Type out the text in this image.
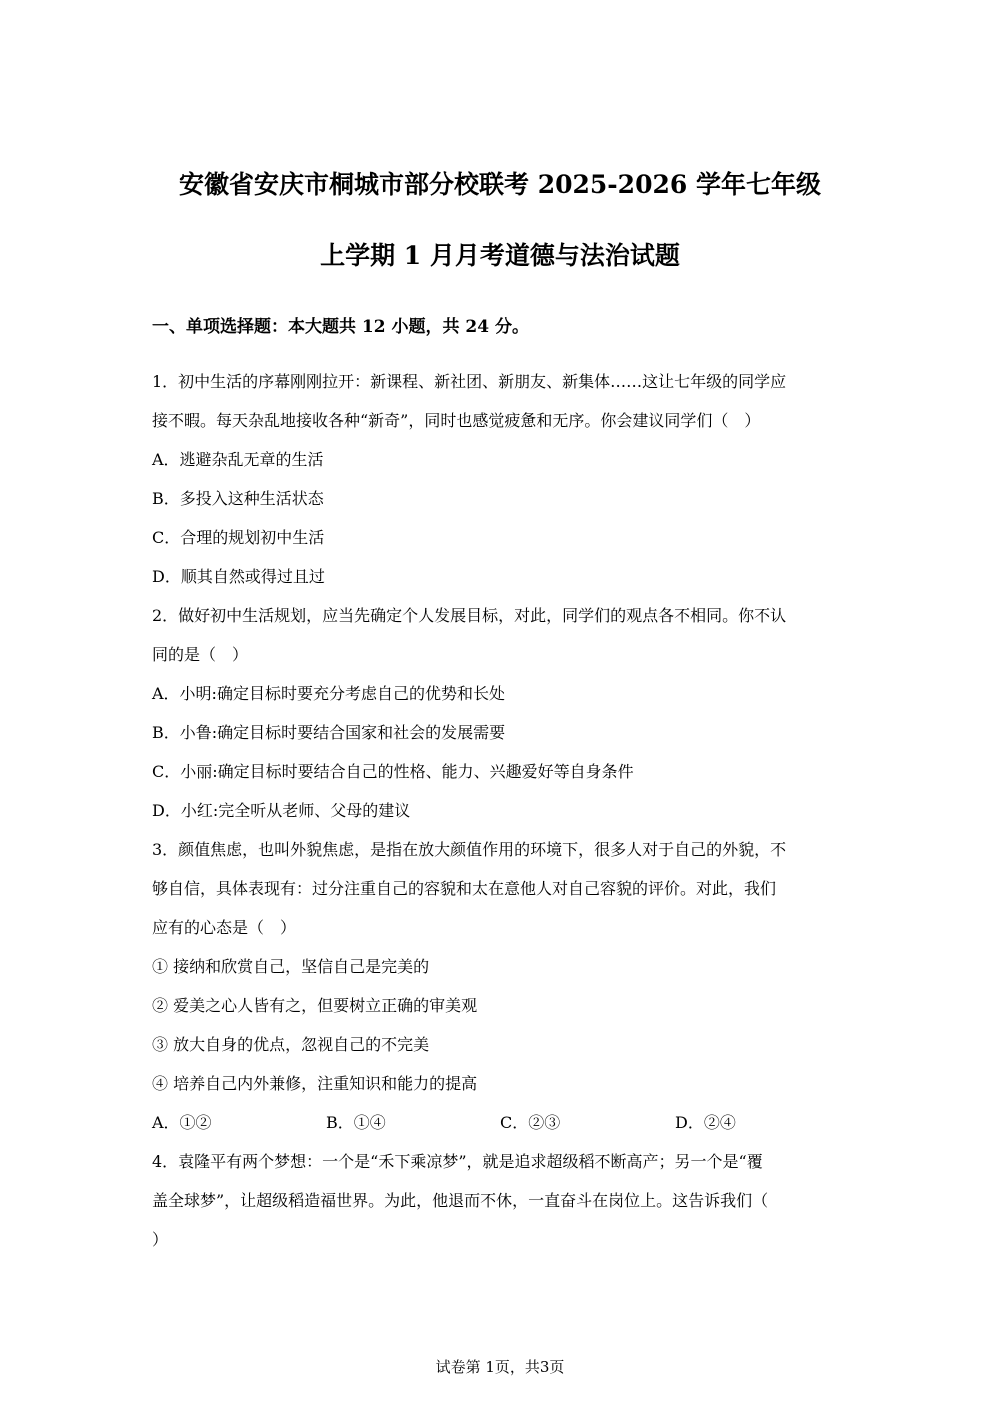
安徽省安庆市桐城市部分校联考 2025-2026 学年七年级
上学期 1 月月考道德与法治试题
一、单项选择题：本大题共 12 小题，共 24 分。
1．初中生活的序幕刚刚拉开：新课程、新社团、新朋友、新集体……这让七年级的同学应
接不暇。每天杂乱地接收各种“新奇”，同时也感觉疲惫和无序。你会建议同学们（　）
A．逃避杂乱无章的生活
B．多投入这种生活状态
C．合理的规划初中生活
D．顺其自然或得过且过
2．做好初中生活规划，应当先确定个人发展目标，对此，同学们的观点各不相同。你不认
同的是（　）
A．小明:确定目标时要充分考虑自己的优势和长处
B．小鲁:确定目标时要结合国家和社会的发展需要
C．小丽:确定目标时要结合自己的性格、能力、兴趣爱好等自身条件
D．小红:完全听从老师、父母的建议
3．颜值焦虑，也叫外貌焦虑，是指在放大颜值作用的环境下，很多人对于自己的外貌，不
够自信，具体表现有：过分注重自己的容貌和太在意他人对自己容貌的评价。对此，我们
应有的心态是（　）
① 接纳和欣赏自己，坚信自己是完美的
② 爱美之心人皆有之，但要树立正确的审美观
③ 放大自身的优点，忽视自己的不完美
④ 培养自己内外兼修，注重知识和能力的提高
A．①②	B．①④	C．②③	D．②④
4．袁隆平有两个梦想：一个是“禾下乘凉梦”，就是追求超级稻不断高产；另一个是“覆
盖全球梦”，让超级稻造福世界。为此，他退而不休，一直奋斗在岗位上。这告诉我们（
）
试卷第 1页，共3页
